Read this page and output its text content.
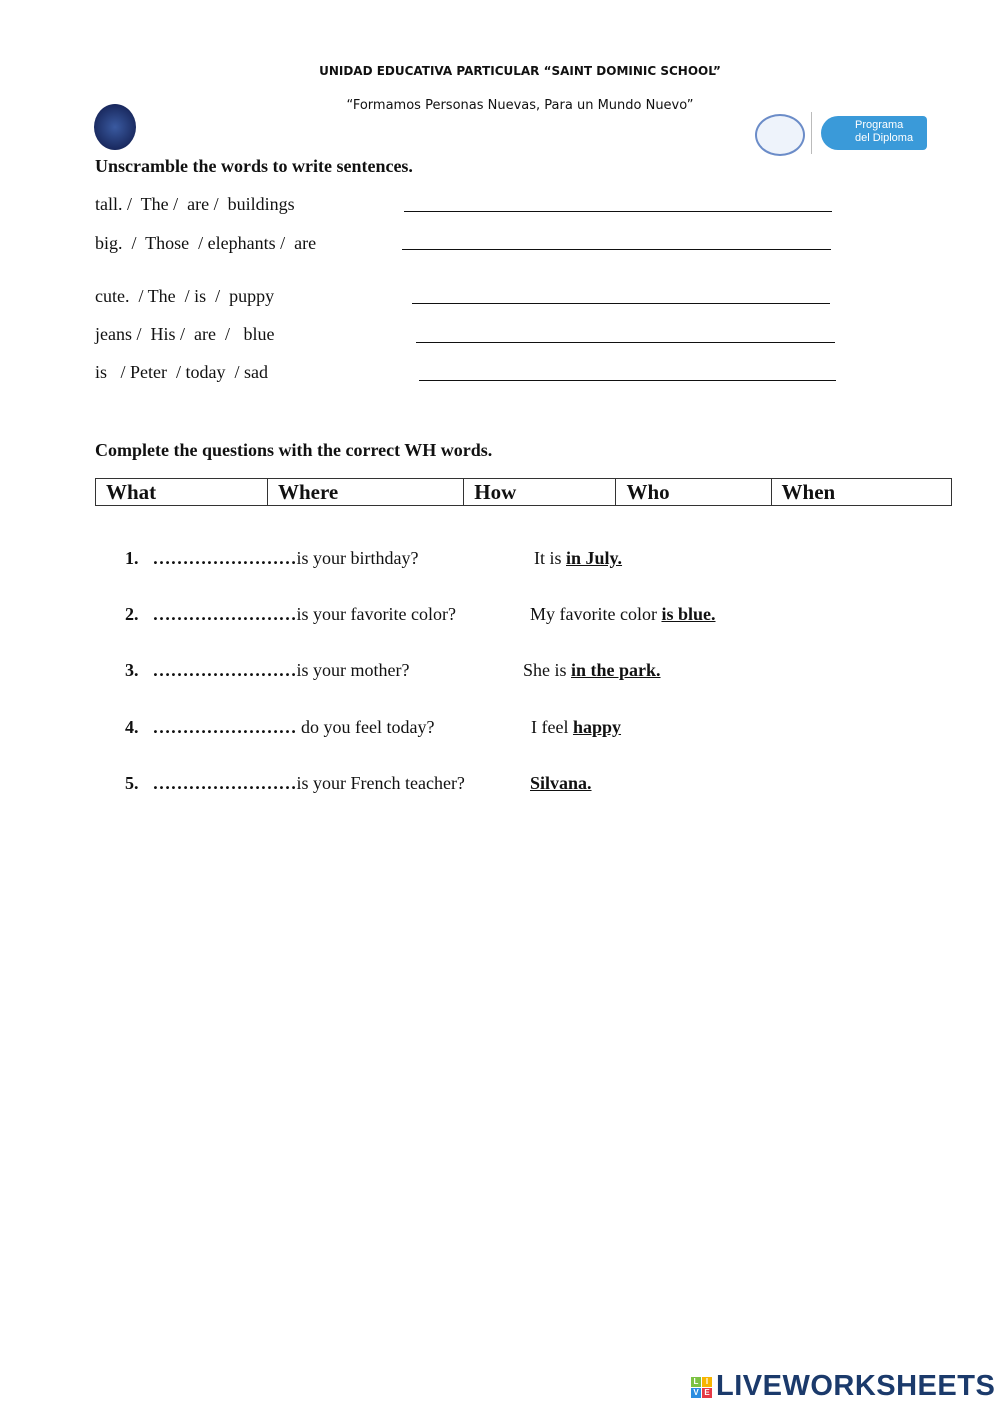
UNIDAD EDUCATIVA PARTICULAR “SAINT DOMINIC SCHOOL”
“Formamos Personas Nuevas, Para un Mundo Nuevo”

Programa
del Diploma

Unscramble the words to write sentences.
tall. /  The /  are /  buildings
big.  /  Those  / elephants /  are
cute.  / The  / is  /  puppy
jeans /  His /  are  /   blue
is   / Peter  / today  / sad
Complete the questions with the correct WH words.
What	Where	How	Who	When
1. ……………………is your birthday?	It is in July.
2. ……………………is your favorite color?	My favorite color is blue.
3. ……………………is your mother?	She is in the park.
4. …………………… do you feel today?	I feel happy
5. ……………………is your French teacher?	Silvana.

L

I

V

E

LIVEWORKSHEETS
